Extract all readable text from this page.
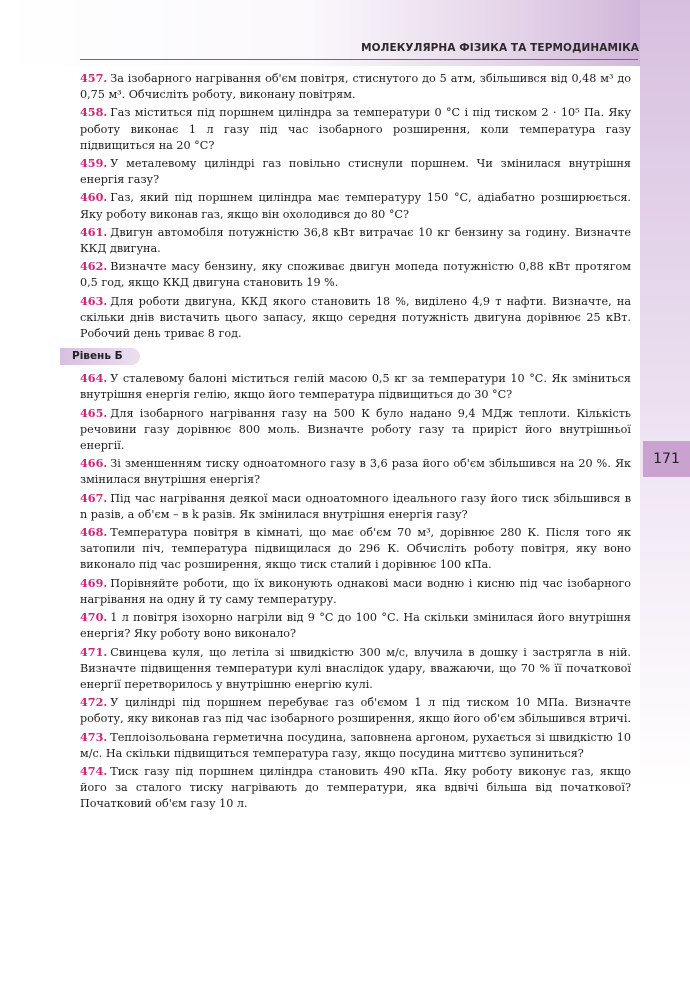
МОЛЕКУЛЯРНА ФІЗИКА ТА ТЕРМОДИНАМІКА
171

457. За ізобарного нагрівання об'єм повітря, стиснутого до 5 атм, збільшився від 0,48 м³ до 0,75 м³. Обчисліть роботу, виконану повітрям.

458. Газ міститься під поршнем циліндра за температури 0 °С і під тиском 2 · 10⁵ Па. Яку роботу виконає 1 л газу під час ізобарного розширення, коли температура газу підвищиться на 20 °С?

459. У металевому циліндрі газ повільно стиснули поршнем. Чи змінилася внутрішня енергія газу?

460. Газ, який під поршнем циліндра має температуру 150 °С, адіабатно розширюється. Яку роботу виконав газ, якщо він охолодився до 80 °С?

461. Двигун автомобіля потужністю 36,8 кВт витрачає 10 кг бензину за годину. Визначте ККД двигуна.

462. Визначте масу бензину, яку споживає двигун мопеда потужністю 0,88 кВт протягом 0,5 год, якщо ККД двигуна становить 19 %.

463. Для роботи двигуна, ККД якого становить 18 %, виділено 4,9 т нафти. Визначте, на скільки днів вистачить цього запасу, якщо середня потужність двигуна дорівнює 25 кВт. Робочий день триває 8 год.

Рівень Б

464. У сталевому балоні міститься гелій масою 0,5 кг за температури 10 °С. Як зміниться внутрішня енергія гелію, якщо його температура підвищиться до 30 °С?

465. Для ізобарного нагрівання газу на 500 К було надано 9,4 МДж теплоти. Кількість речовини газу дорівнює 800 моль. Визначте роботу газу та приріст його внутрішньої енергії.

466. Зі зменшенням тиску одноатомного газу в 3,6 раза його об'єм збільшився на 20 %. Як змінилася внутрішня енергія?

467. Під час нагрівання деякої маси одноатомного ідеального газу його тиск збільшився в n разів, а об'єм – в k разів. Як змінилася внутрішня енергія газу?

468. Температура повітря в кімнаті, що має об'єм 70 м³, дорівнює 280 К. Після того як затопили піч, температура підвищилася до 296 К. Обчисліть роботу повітря, яку воно виконало під час розширення, якщо тиск сталий і дорівнює 100 кПа.

469. Порівняйте роботи, що їх виконують однакові маси водню і кисню під час ізобарного нагрівання на одну й ту саму температуру.

470. 1 л повітря ізохорно нагріли від 9 °С до 100 °С. На скільки змінилася його внутрішня енергія? Яку роботу воно виконало?

471. Свинцева куля, що летіла зі швидкістю 300 м/с, влучила в дошку і застрягла в ній. Визначте підвищення температури кулі внаслідок удару, вважаючи, що 70 % її початкової енергії перетворилось у внутрішню енергію кулі.

472. У циліндрі під поршнем перебуває газ об'ємом 1 л під тиском 10 МПа. Визначте роботу, яку виконав газ під час ізобарного розширення, якщо його об'єм збільшився втричі.

473. Теплоізольована герметична посудина, заповнена аргоном, рухається зі швидкістю 10 м/с. На скільки підвищиться температура газу, якщо посудина миттєво зупиниться?

474. Тиск газу під поршнем циліндра становить 490 кПа. Яку роботу виконує газ, якщо його за сталого тиску нагрівають до температури, яка вдвічі більша від початкової? Початковий об'єм газу 10 л.
